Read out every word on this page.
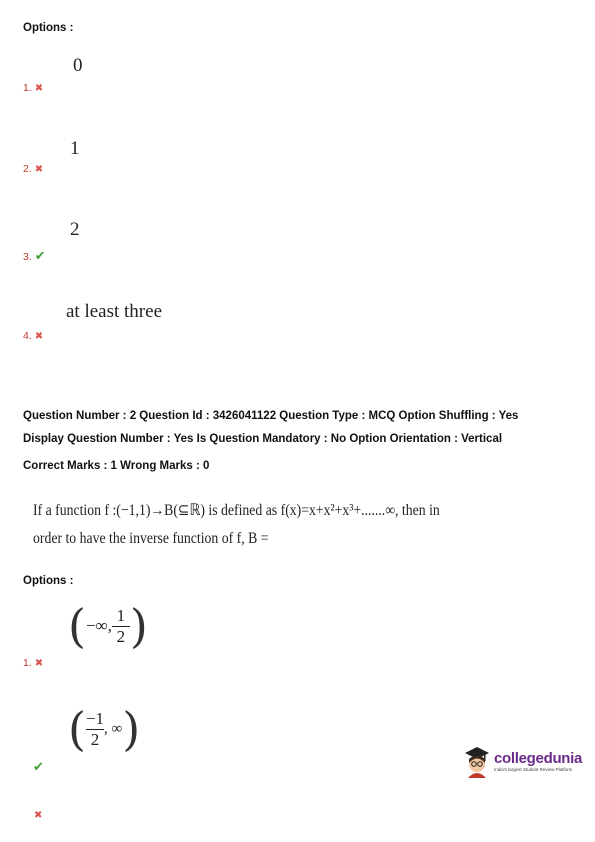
Options :
0
1. ✖
1
2. ✖
2
3. ✔
at least three
4. ✖
Question Number : 2 Question Id : 3426041122 Question Type : MCQ Option Shuffling : Yes
Display Question Number : Yes Is Question Mandatory : No Option Orientation : Vertical
Correct Marks : 1 Wrong Marks : 0
If a function f :(−1,1)→B(⊆ℝ) is defined as f(x)=x+x²+x³+.......∞, then in
order to have the inverse function of f, B =
Options :
( −∞, $\frac{1}{2}$ )
1. ✖
( $\frac{-1}{2}$ , ∞ )
✔
✖
collegedunia
India's largest Student Review Platform
